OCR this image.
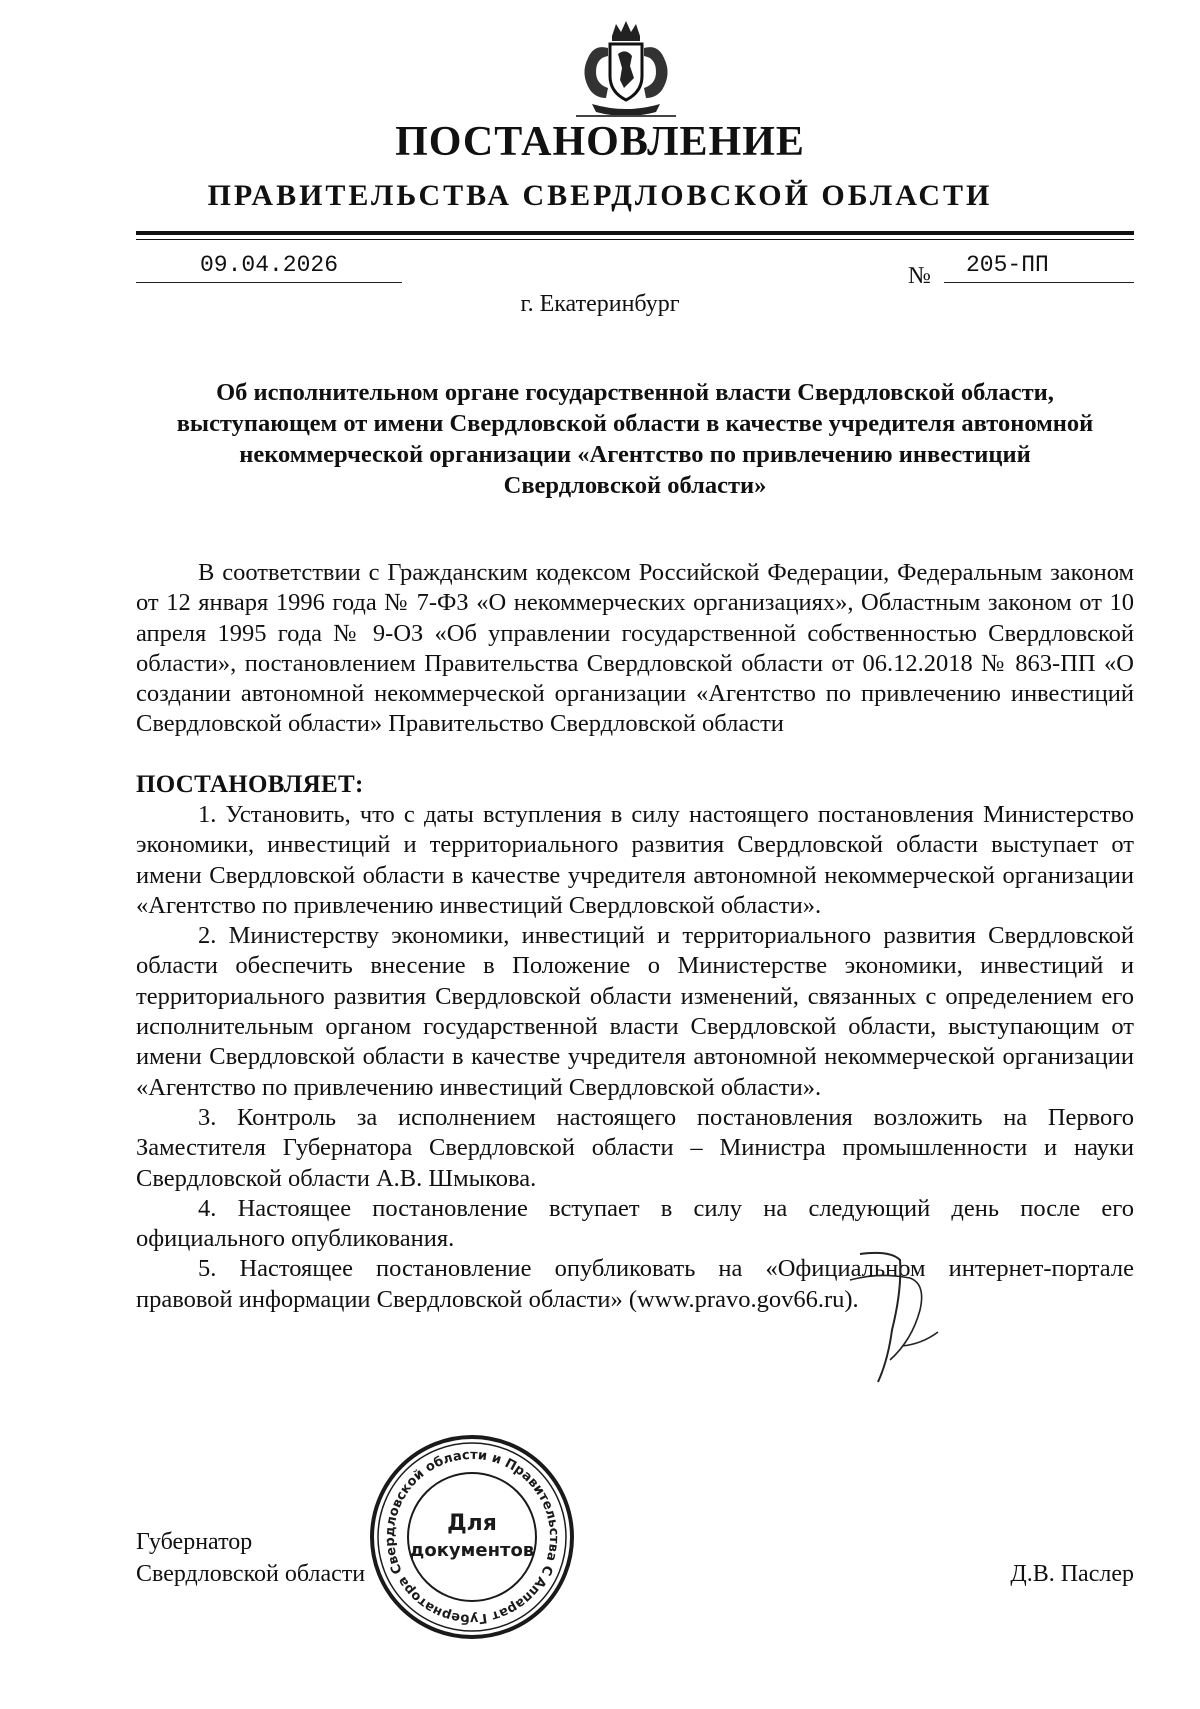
ПОСТАНОВЛЕНИЕ
ПРАВИТЕЛЬСТВА СВЕРДЛОВСКОЙ ОБЛАСТИ
09.04.2026	№	205-ПП
г. Екатеринбург
Об исполнительном органе государственной власти Свердловской области,
выступающем от имени Свердловской области в качестве учредителя автономной
некоммерческой организации «Агентство по привлечению инвестиций
Свердловской области»

В соответствии с Гражданским кодексом Российской Федерации, Федеральным законом от 12 января 1996 года № 7-ФЗ «О некоммерческих организациях», Областным законом от 10 апреля 1995 года № 9-ОЗ «Об управлении государственной собственностью Свердловской области», постановлением Правительства Свердловской области от 06.12.2018 № 863-ПП «О создании автономной некоммерческой организации «Агентство по привлечению инвестиций Свердловской области» Правительство Свердловской области

ПОСТАНОВЛЯЕТ:

1. Установить, что с даты вступления в силу настоящего постановления Министерство экономики, инвестиций и территориального развития Свердловской области выступает от имени Свердловской области в качестве учредителя автономной некоммерческой организации «Агентство по привлечению инвестиций Свердловской области».

2. Министерству экономики, инвестиций и территориального развития Свердловской области обеспечить внесение в Положение о Министерстве экономики, инвестиций и территориального развития Свердловской области изменений, связанных с определением его исполнительным органом государственной власти Свердловской области, выступающим от имени Свердловской области в качестве учредителя автономной некоммерческой организации «Агентство по привлечению инвестиций Свердловской области».

3. Контроль за исполнением настоящего постановления возложить на Первого Заместителя Губернатора Свердловской области – Министра промышленности и науки Свердловской области А.В. Шмыкова.

4. Настоящее постановление вступает в силу на следующий день после его официального опубликования.

5. Настоящее постановление опубликовать на «Официальном интернет-портале правовой информации Свердловской области» (www.pravo.gov66.ru).

Губернатор
Свердловской области	Д.В. Паслер
Аппарат Губернатора Свердловской области и Правительства Свердловской
Для
документов
